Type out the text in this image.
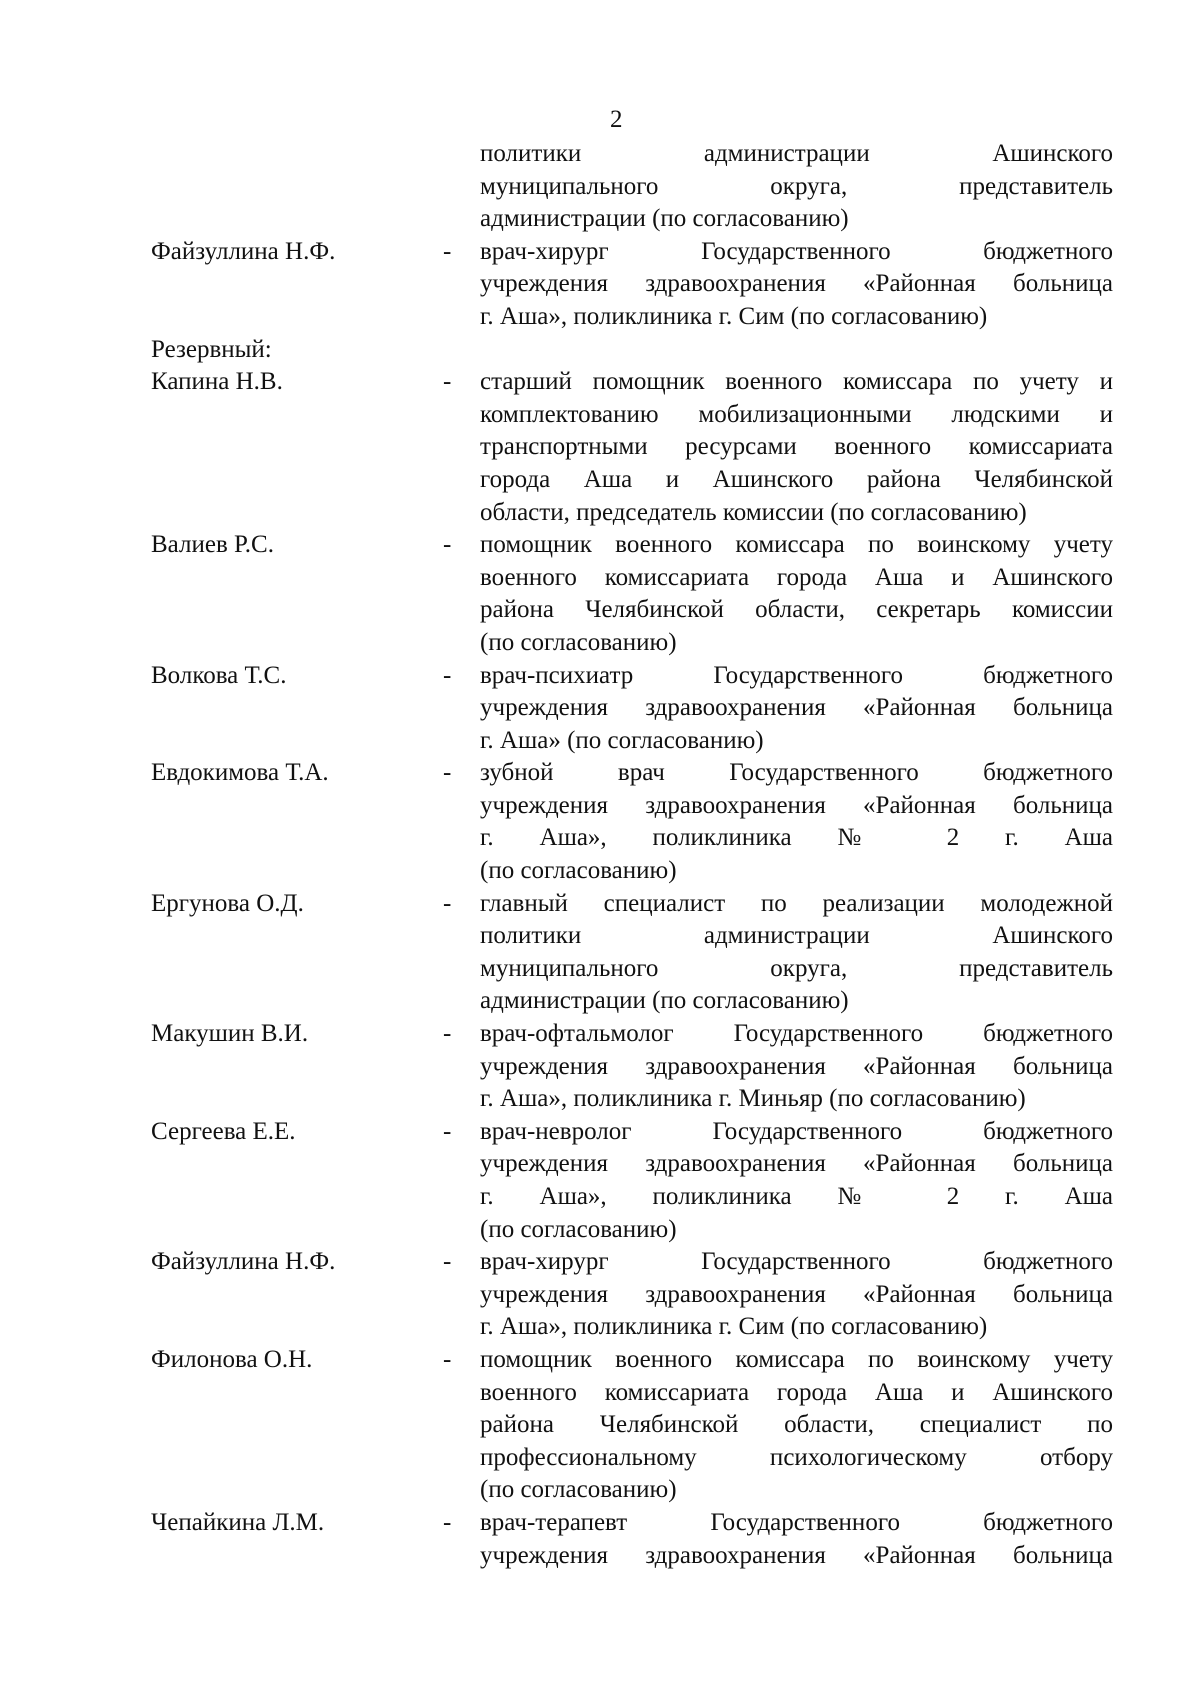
2
политики администрации Ашинского
муниципального округа, представитель
администрации (по согласованию)
Файзуллина Н.Ф.	- врач-хирург Государственного бюджетного
учреждения здравоохранения «Районная больница
г. Аша», поликлиника г. Сим (по согласованию)
Резервный:
Капина Н.В.	- старший помощник военного комиссара по учету и
комплектованию мобилизационными людскими и
транспортными ресурсами военного комиссариата
города Аша и Ашинского района Челябинской
области, председатель комиссии (по согласованию)
Валиев Р.С.	- помощник военного комиссара по воинскому учету
военного комиссариата города Аша и Ашинского
района Челябинской области, секретарь комиссии
(по согласованию)
Волкова Т.С.	- врач-психиатр Государственного бюджетного
учреждения здравоохранения «Районная больница
г. Аша» (по согласованию)
Евдокимова Т.А.	- зубной врач Государственного бюджетного
учреждения здравоохранения «Районная больница
г. Аша», поликлиника № 2 г. Аша
(по согласованию)
Ергунова О.Д.	- главный специалист по реализации молодежной
политики администрации Ашинского
муниципального округа, представитель
администрации (по согласованию)
Макушин В.И.	- врач-офтальмолог Государственного бюджетного
учреждения здравоохранения «Районная больница
г. Аша», поликлиника г. Миньяр (по согласованию)
Сергеева Е.Е.	- врач-невролог Государственного бюджетного
учреждения здравоохранения «Районная больница
г. Аша», поликлиника № 2 г. Аша
(по согласованию)
Файзуллина Н.Ф.	- врач-хирург Государственного бюджетного
учреждения здравоохранения «Районная больница
г. Аша», поликлиника г. Сим (по согласованию)
Филонова О.Н.	- помощник военного комиссара по воинскому учету
военного комиссариата города Аша и Ашинского
района Челябинской области, специалист по
профессиональному психологическому отбору
(по согласованию)
Чепайкина Л.М.	- врач-терапевт Государственного бюджетного
учреждения здравоохранения «Районная больница
